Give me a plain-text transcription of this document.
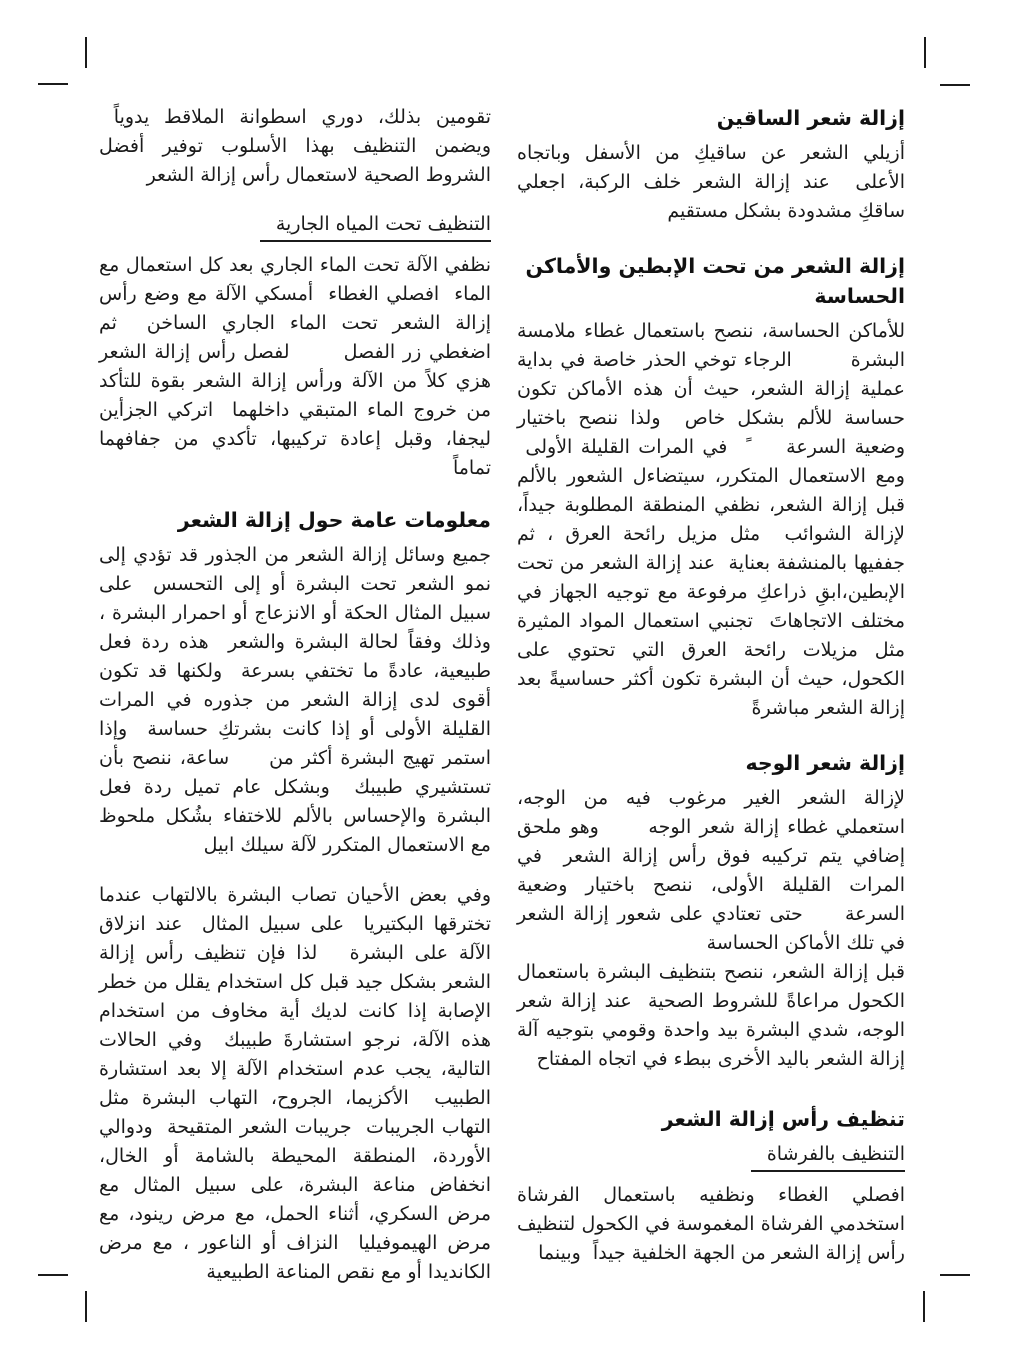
إزالة شعر الساقين

أزيلي الشعر عن ساقيكِ من الأسفل وباتجاه الأعلى  عند إزالة الشعر خلف الركبة، اجعلي ساقكِ مشدودة بشكل مستقيم

إزالة الشعر من تحت الإبطين والأماكن الحساسة

للأماكن الحساسة، ننصح باستعمال غطاء ملامسة البشرة        الرجاء توخي الحذر خاصة في بداية عملية إزالة الشعر، حيث أن هذه الأماكن تكون حساسة للألم بشكل خاص  ولذا ننصح باختيار وضعية السرعة     ً  في المرات القليلة الأولى  ومع الاستعمال المتكرر، سيتضاءل الشعور بالألم قبل إزالة الشعر، نظفي المنطقة المطلوبة جيداً، لإزالة الشوائب  مثل مزيل رائحة العرق ، ثم جففيها بالمنشفة بعناية  عند إزالة الشعر من تحت الإبطين،ابقِ ذراعكِ مرفوعة مع توجيه الجهاز في مختلف الاتجاهاتَ  تجنبي استعمال المواد المثيرة مثل مزيلات رائحة العرق التي تحتوي على الكحول، حيث أن البشرة تكون أكثر حساسيةً بعد إزالة الشعر مباشرةً

إزالة شعر الوجه

لإزالة الشعر الغير مرغوب فيه من الوجه، استعملي غطاء إزالة شعر الوجه      وهو ملحق إضافي يتم تركيبه فوق رأس إزالة الشعر  في المرات القليلة الأولى، ننصح باختيار وضعية السرعة     حتى تعتادي على شعور إزالة الشعر في تلك الأماكن الحساسة

قبل إزالة الشعر، ننصح بتنظيف البشرة باستعمال الكحول مراعاةً للشروط الصحية  عند إزالة شعر الوجه، شدي البشرة بيد واحدة وقومي بتوجيه آلة إزالة الشعر باليد الأخرى ببطء في اتجاه المفتاح

تنظيف رأس إزالة الشعر
التنظيف بالفرشاة

افصلي الغطاء ونظفيه باستعمال الفرشاة استخدمي الفرشاة المغموسة في الكحول لتنظيف رأس إزالة الشعر من الجهة الخلفية جيداً  وبينما

تقومين بذلك، دوري اسطوانة الملاقط يدوياً  ويضمن التنظيف بهذا الأسلوب توفير أفضل الشروط الصحية لاستعمال رأس إزالة الشعر

التنظيف تحت المياه الجارية

نظفي الآلة تحت الماء الجاري بعد كل استعمال مع الماء  افصلي الغطاء  أمسكي الآلة مع وضع رأس إزالة الشعر تحت الماء الجاري الساخن  ثم اضغطي زر الفصل       لفصل رأس إزالة الشعر هزي كلاً من الآلة ورأس إزالة الشعر بقوة للتأكد من خروج الماء المتبقي داخلهما  اتركي الجزأين ليجفا، وقبل إعادة تركيبها، تأكدي من جفافهما تماماً

معلومات عامة حول إزالة الشعر

جميع وسائل إزالة الشعر من الجذور قد تؤدي إلى نمو الشعر تحت البشرة أو إلى التحسس  على سبيل المثال الحكة أو الانزعاج أو احمرار البشرة ، وذلك وفقاً لحالة البشرة والشعر  هذه ردة فعل طبيعية، عادةً ما تختفي بسرعة  ولكنها قد تكون أقوى لدى إزالة الشعر من جذوره في المرات القليلة الأولى أو إذا كانت بشرتكِ حساسة  وإذا استمر تهيج البشرة أكثر من     ساعة، ننصح بأن تستشيري طبيبك  وبشكل عام تميل ردة فعل البشرة والإحساس بالألم للاختفاء بشُكل ملحوظ مع الاستعمال المتكرر لآلة سيلك ابيل

وفي بعض الأحيان تصاب البشرة بالالتهاب عندما تخترقها البكتيريا  على سبيل المثال  عند انزلاق الآلة على البشرة   لذا فإن تنظيف رأس إزالة الشعر بشكل جيد قبل كل استخدام يقلل من خطر الإصابة إذا كانت لديك أية مخاوف من استخدام هذه الآلة، نرجو استشارةَ طبيبك  وفي الحالات التالية، يجب عدم استخدام الآلة إلا بعد استشارة الطبيب  الأكزيما، الجروح، التهاب البشرة مثل التهاب الجريبات  جريبات الشعر المتقيحة  ودوالي الأوردة، المنطقة المحيطة بالشامة أو الخال، انخفاض مناعة البشرة، على سبيل المثال مع مرض السكري، أثناء الحمل، مع مرض رينود، مع مرض الهيموفيليا  النزاف أو الناعور ، مع مرض الكانديدا أو مع نقص المناعة الطبيعية
